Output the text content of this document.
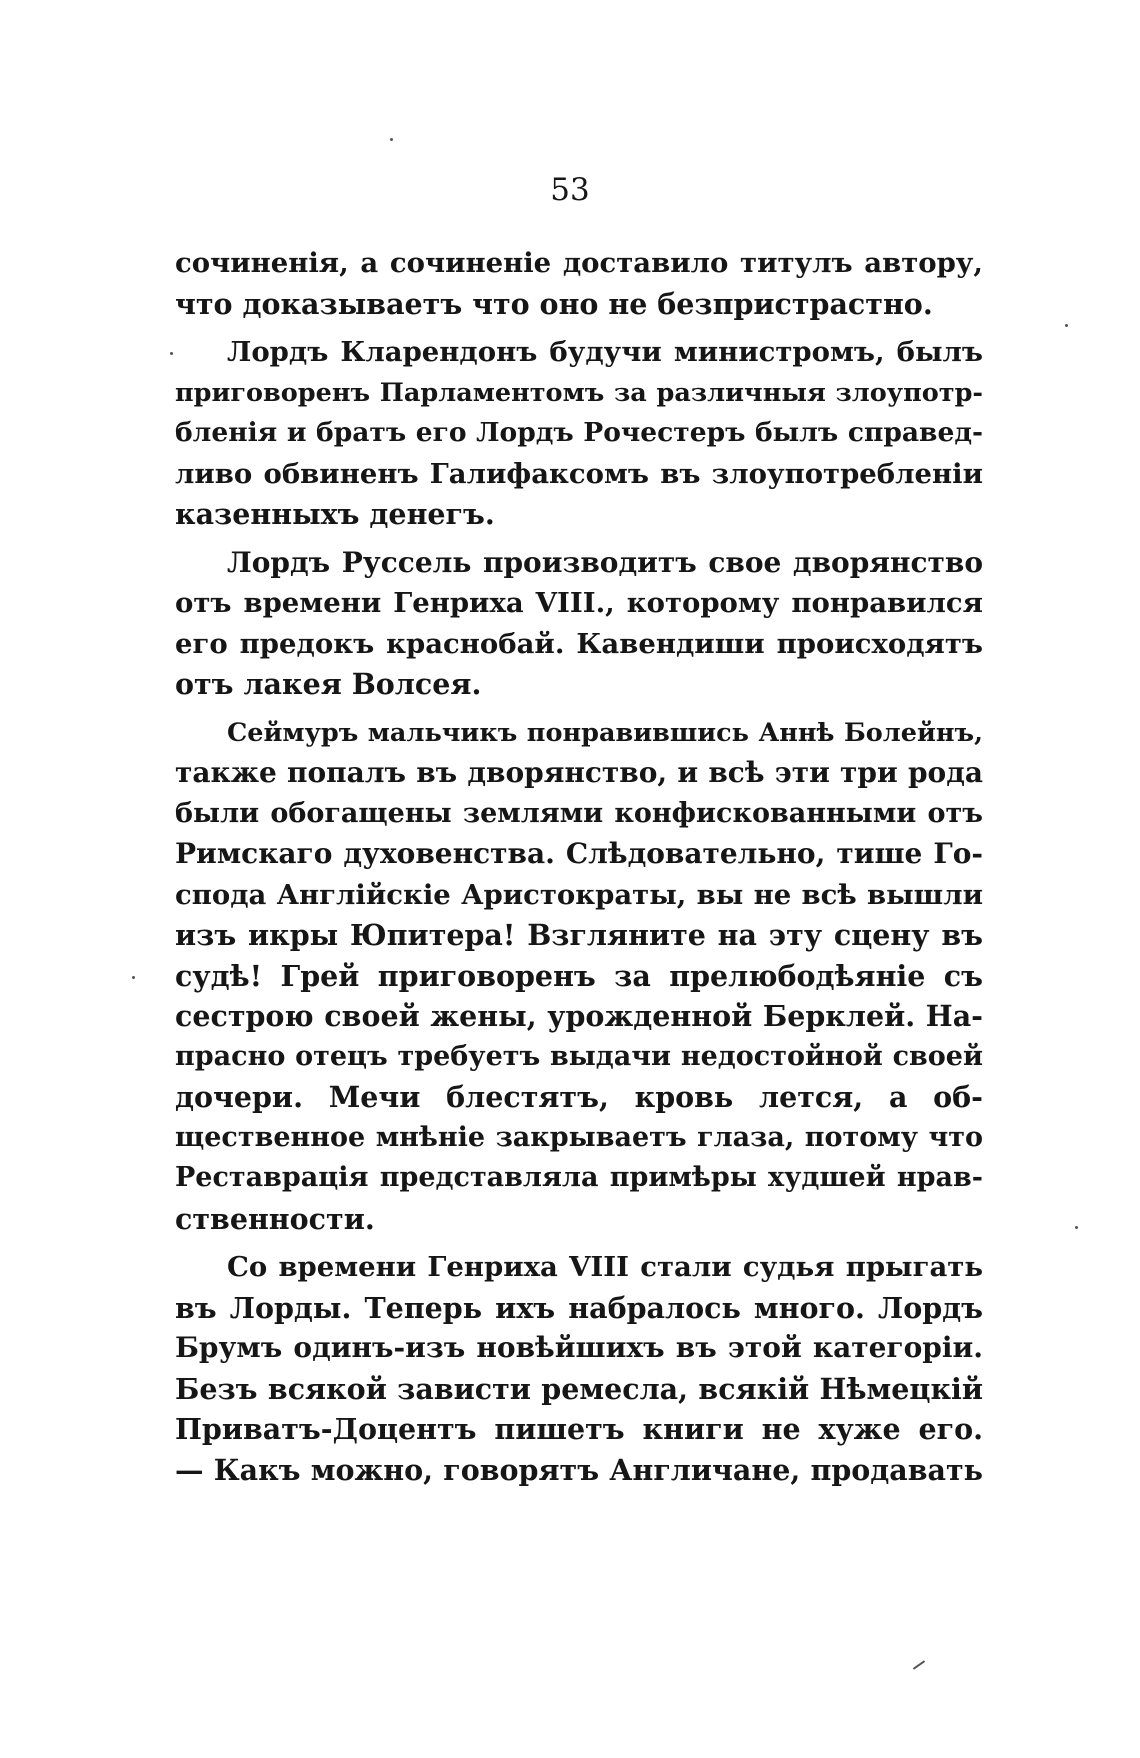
53

сочиненія, а сочиненіе доставило титулъ автору,
что доказываетъ что оно не безпристрастно.
Лордъ Кларендонъ будучи министромъ, былъ
приговоренъ Парламентомъ за различныя злоупотр-
бленія и братъ его Лордъ Рочестеръ былъ справед-
ливо обвиненъ Галифаксомъ въ злоупотребленіи
казенныхъ денегъ.
Лордъ Руссель производитъ свое дворянство
отъ времени Генриха VIII., которому понравился
его предокъ краснобай. Кавендиши происходятъ
отъ лакея Волсея.
Сеймуръ мальчикъ понравившись Аннѣ Болейнъ,
также попалъ въ дворянство, и всѣ эти три рода
были обогащены землями конфискованными отъ
Римскаго духовенства. Слѣдовательно, тише Го-
спода Англійскіе Аристократы, вы не всѣ вышли
изъ икры Юпитера! Взгляните на эту сцену въ
судѣ! Грей приговоренъ за прелюбодѣяніе съ
сестрою своей жены, урожденной Берклей. На-
прасно отецъ требуетъ выдачи недостойной своей
дочери. Мечи блестятъ, кровь лется, а об-
щественное мнѣніе закрываетъ глаза, потому что
Реставрація представляла примѣры худшей нрав-
ственности.
Со времени Генриха VIII стали судья прыгать
въ Лорды. Теперь ихъ набралось много. Лордъ
Брумъ одинъ-изъ новѣйшихъ въ этой категоріи.
Безъ всякой зависти ремесла, всякій Нѣмецкій
Приватъ-Доцентъ пишетъ книги не хуже его.
— Какъ можно, говорятъ Англичане, продавать
